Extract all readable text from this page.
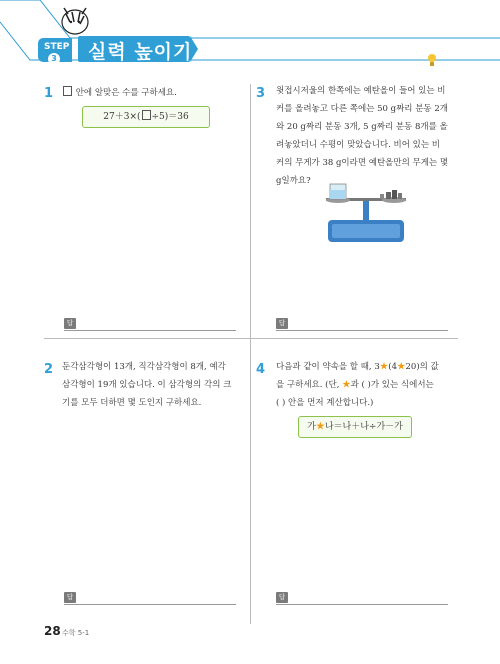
STEP
3 실력 높이기
1	안에 알맞은 수를 구하세요.
27＋3×( ÷5)＝36
답
3 윗접시저울의 한쪽에는 예탄올이 들어 있는 비
커를 올려놓고 다른 쪽에는 50 g짜리 분동 2개
와 20 g짜리 분동 3개, 5 g짜리 분동 8개를 올
려놓았더니 수평이 맞았습니다. 비어 있는 비
커의 무게가 38 g이라면 예탄올만의 무게는 몇
g일까요?
답
2 둔각삼각형이 13개, 직각삼각형이 8개, 예각
삼각형이 19개 있습니다. 이 삼각형의 각의 크
기를 모두 더하면 몇 도인지 구하세요.
답
4 다음과 같이 약속을 할 때, 3★(4★20)의 값
을 구하세요. (단, ★과 ( )가 있는 식에서는
( ) 안을 먼저 계산합니다.)
가★나＝나＋나÷가－가
답
28 수학 5-1
